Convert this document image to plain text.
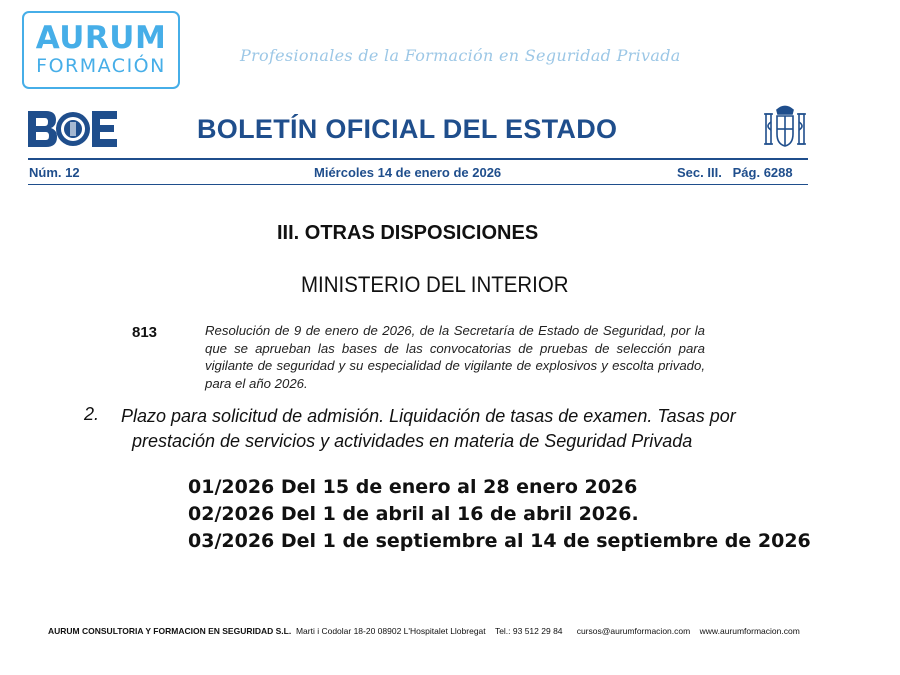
AURUM
FORMACIÓN	Profesionales de la Formación en Seguridad Privada
BOLETÍN OFICIAL DEL ESTADO
Núm. 12	Miércoles 14 de enero de 2026	Sec. III.   Pág. 6288
III. OTRAS DISPOSICIONES
MINISTERIO DEL INTERIOR
813	Resolución de 9 de enero de 2026, de la Secretaría de Estado de Seguridad, por la que se aprueban las bases de las convocatorias de pruebas de selección para vigilante de seguridad y su especialidad de vigilante de explosivos y escolta privado, para el año 2026.
2. Plazo para solicitud de admisión. Liquidación de tasas de examen. Tasas por
prestación de servicios y actividades en materia de Seguridad Privada
01/2026 Del 15 de enero al 28 enero 2026
02/2026 Del 1 de abril al 16 de abril 2026.
03/2026 Del 1 de septiembre al 14 de septiembre de 2026
AURUM CONSULTORIA Y FORMACION EN SEGURIDAD S.L. Marti i Codolar 18-20 08902 L'Hospitalet Llobregat Tel.: 93 512 29 84 cursos@aurumformacion.com www.aurumformacion.com
